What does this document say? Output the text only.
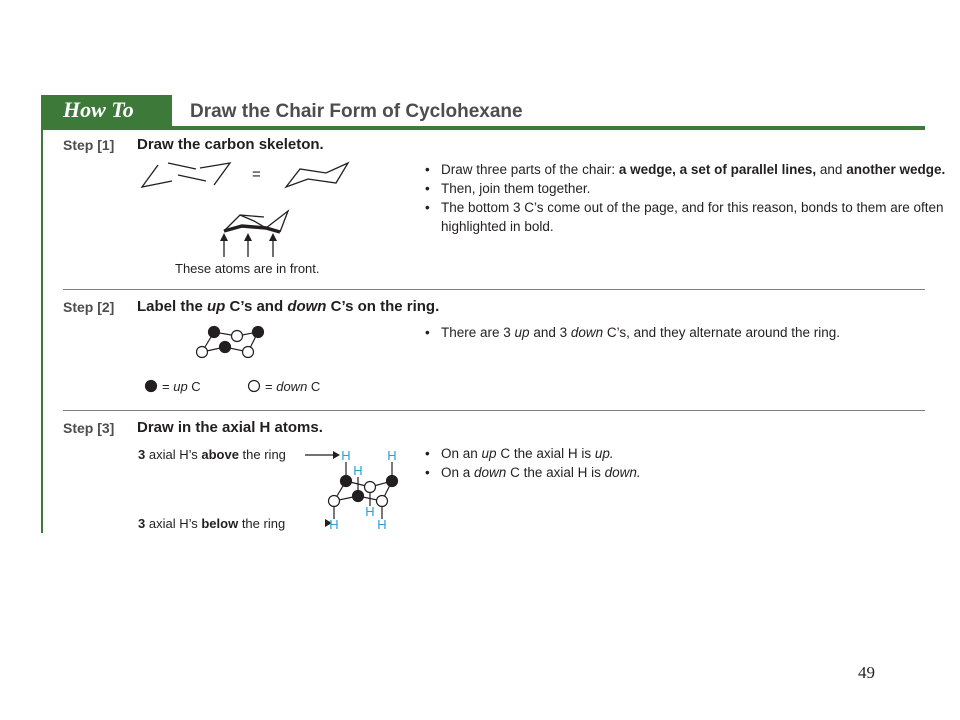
How To	Draw the Chair Form of Cyclohexane
Step [1] Draw the carbon skeleton.
=
These atoms are in front.
• Draw three parts of the chair: a wedge, a set of parallel lines, and another wedge.
• Then, join them together.
• The bottom 3 C’s come out of the page, and for this reason, bonds to them are often highlighted in bold.
Step [2] Label the up C’s and down C’s on the ring.
= up C	= down C
• There are 3 up and 3 down C’s, and they alternate around the ring.
Step [3] Draw in the axial H atoms.
3 axial H’s above the ring
3 axial H’s below the ring
H	H
H
H
H
H
• On an up C the axial H is up.
• On a down C the axial H is down.
49
